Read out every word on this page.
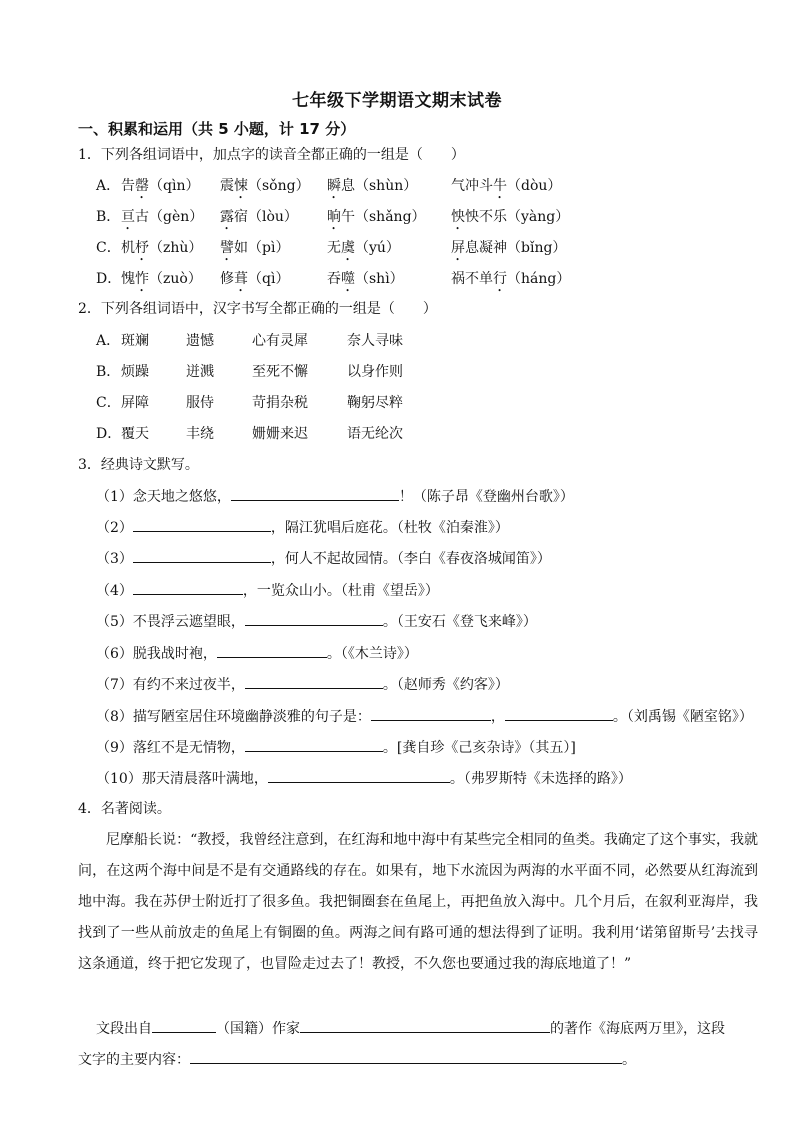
七年级下学期语文期末试卷
一、积累和运用（共 5 小题，计 17 分）
1．下列各组词语中，加点字的读音全都正确的一组是（　　）
A． 告罄（qìn） 震悚（sǒng） 瞬息（shùn） 气冲斗牛（dòu）
B． 亘古（gèn） 露宿（lòu） 晌午（shǎng） 怏怏不乐（yàng）
C． 机杼（zhù） 譬如（pì）	无虞（yú）	屏息凝神（bǐng）
D． 愧怍（zuò） 修葺（qì）	吞噬（shì）	祸不单行（háng）
2．下列各组词语中，汉字书写全都正确的一组是（　　）
A． 斑斓	遗憾	心有灵犀	奈人寻味
B． 烦躁	迸溅	至死不懈	以身作则
C． 屏障	服侍	苛捐杂税	鞠躬尽粹
D． 覆天	丰绕	姗姗来迟	语无纶次
3．经典诗文默写。
（1）念天地之悠悠，	！（陈子昂《登幽州台歌》）
（2）	，隔江犹唱后庭花。（杜牧《泊秦淮》）
（3）	，何人不起故园情。（李白《春夜洛城闻笛》）
（4）	，一览众山小。（杜甫《望岳》）
（5）不畏浮云遮望眼，	。（王安石《登飞来峰》）
（6）脱我战时袍，	。（《木兰诗》）
（7）有约不来过夜半，	。（赵师秀《约客》）
（8）描写陋室居住环境幽静淡雅的句子是：	，	。（刘禹锡《陋室铭》）
（9）落红不是无情物，	。[龚自珍《己亥杂诗》（其五）]
（10）那天清晨落叶满地，	。（弗罗斯特《未选择的路》）
4．名著阅读。
尼摩船长说：“教授，我曾经注意到，在红海和地中海中有某些完全相同的鱼类。我确定了这个事实，我就问，在这两个海中间是不是有交通路线的存在。如果有，地下水流因为两海的水平面不同，必然要从红海流到地中海。我在苏伊士附近打了很多鱼。我把铜圈套在鱼尾上，再把鱼放入海中。几个月后，在叙利亚海岸，我找到了一些从前放走的鱼尾上有铜圈的鱼。两海之间有路可通的想法得到了证明。我利用‘诺第留斯号’去找寻这条通道，终于把它发现了，也冒险走过去了！教授，不久您也要通过我的海底地道了！”
文段出自	（国籍）作家	的著作《海底两万里》，这段
文字的主要内容：	。
